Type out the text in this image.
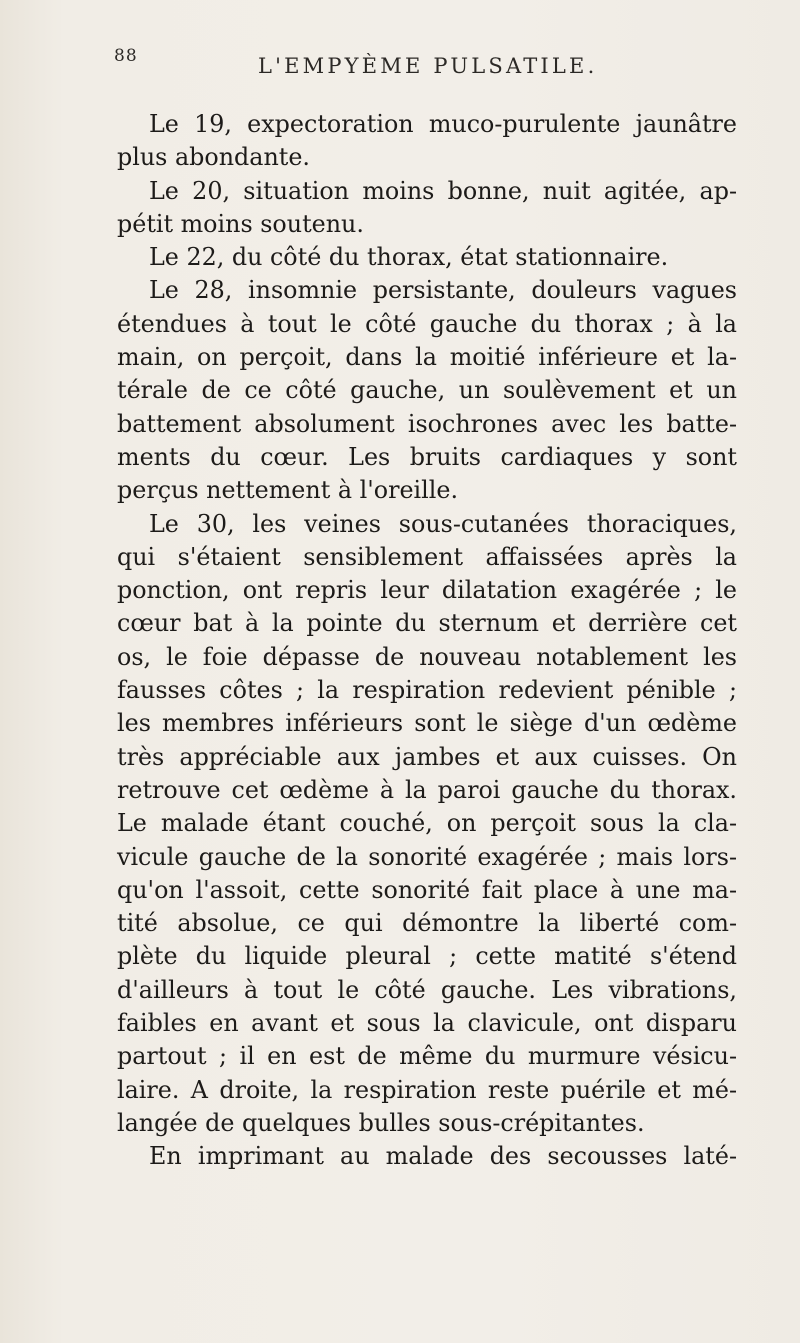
88	L'EMPYÈME PULSATILE.
Le 19, expectoration muco-purulente jaunâtre
plus abondante.
Le 20, situation moins bonne, nuit agitée, ap-
pétit moins soutenu.
Le 22, du côté du thorax, état stationnaire.
Le 28, insomnie persistante, douleurs vagues
étendues à tout le côté gauche du thorax ; à la
main, on perçoit, dans la moitié inférieure et la-
térale de ce côté gauche, un soulèvement et un
battement absolument isochrones avec les batte-
ments du cœur. Les bruits cardiaques y sont
perçus nettement à l'oreille.
Le 30, les veines sous-cutanées thoraciques,
qui s'étaient sensiblement affaissées après la
ponction, ont repris leur dilatation exagérée ; le
cœur bat à la pointe du sternum et derrière cet
os, le foie dépasse de nouveau notablement les
fausses côtes ; la respiration redevient pénible ;
les membres inférieurs sont le siège d'un œdème
très appréciable aux jambes et aux cuisses. On
retrouve cet œdème à la paroi gauche du thorax.
Le malade étant couché, on perçoit sous la cla-
vicule gauche de la sonorité exagérée ; mais lors-
qu'on l'assoit, cette sonorité fait place à une ma-
tité absolue, ce qui démontre la liberté com-
plète du liquide pleural ; cette matité s'étend
d'ailleurs à tout le côté gauche. Les vibrations,
faibles en avant et sous la clavicule, ont disparu
partout ; il en est de même du murmure vésicu-
laire. A droite, la respiration reste puérile et mé-
langée de quelques bulles sous-crépitantes.
En imprimant au malade des secousses laté-
